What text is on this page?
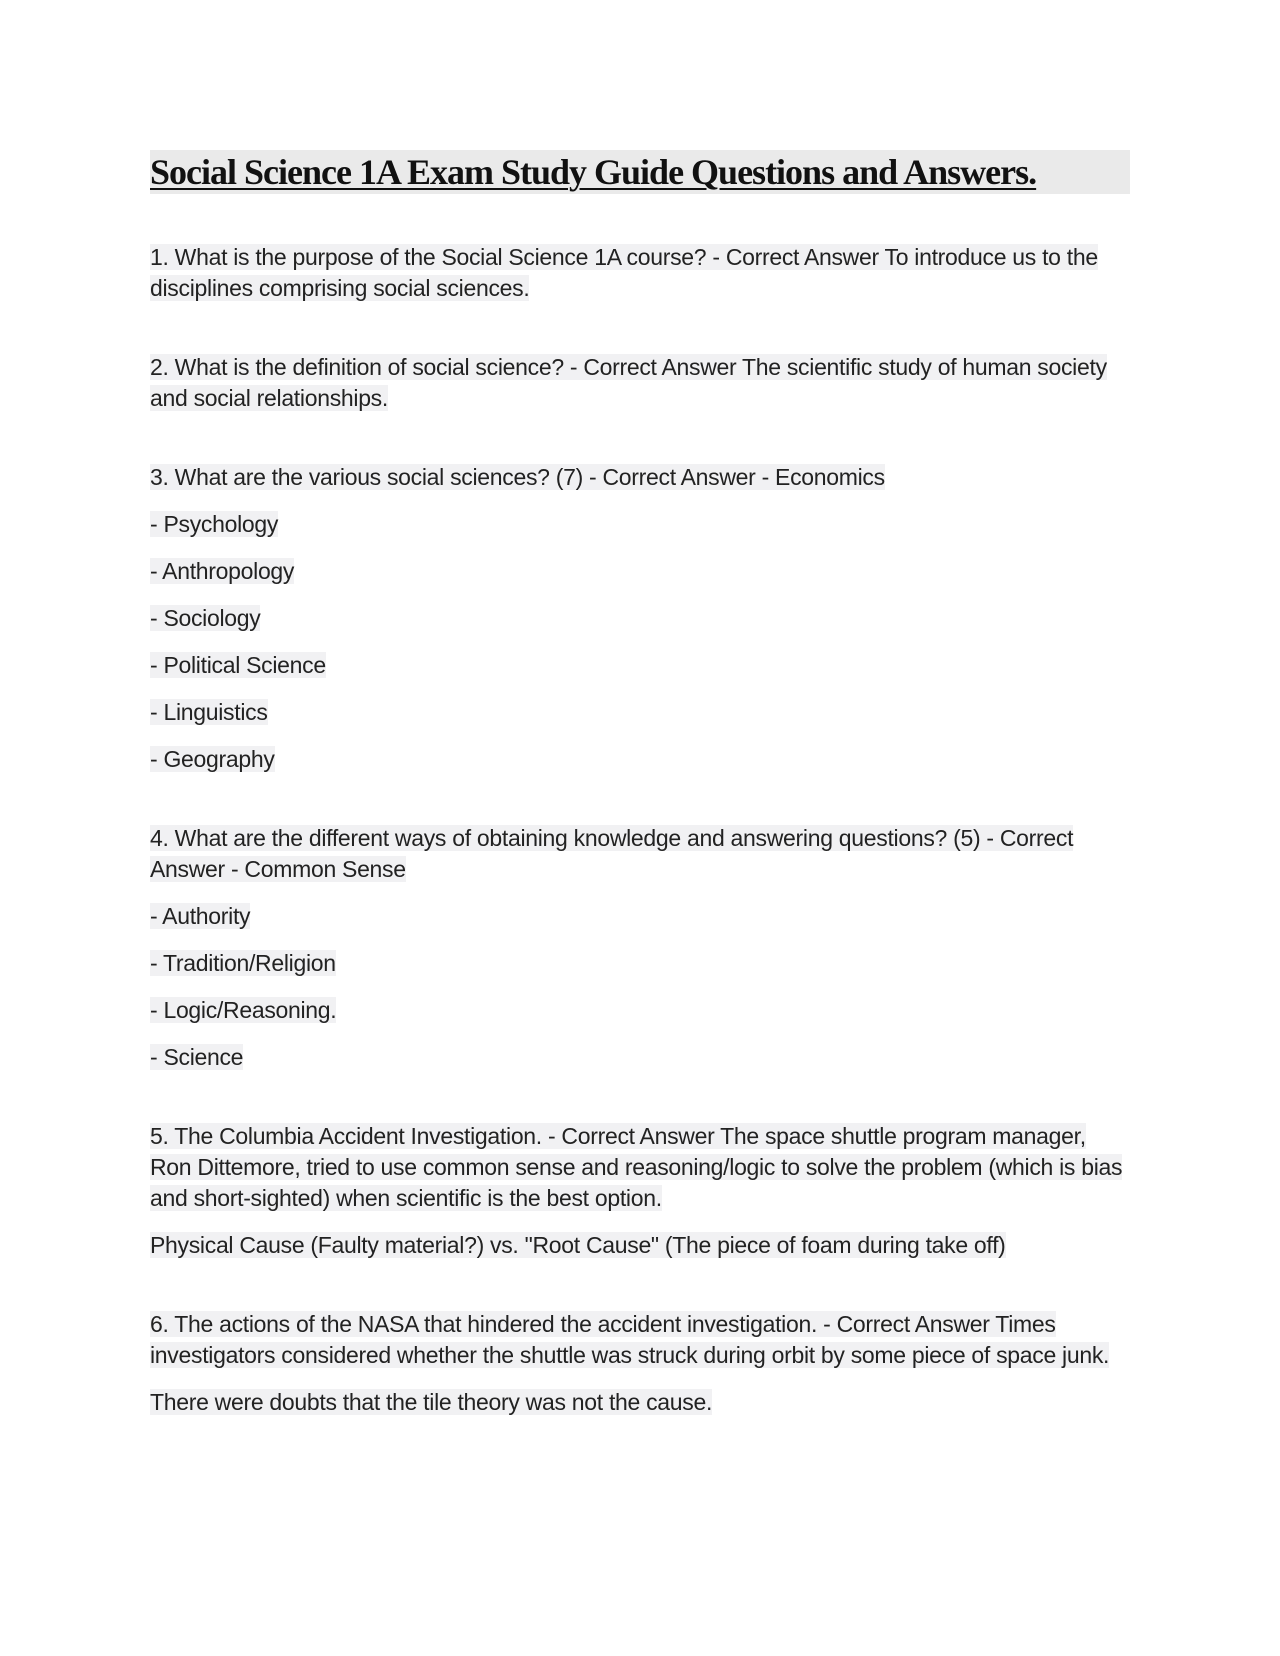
Social Science 1A Exam Study Guide Questions and Answers.

1. What is the purpose of the Social Science 1A course? - Correct Answer To introduce us to the disciplines comprising social sciences.

2. What is the definition of social science? - Correct Answer The scientific study of human society and social relationships.

3. What are the various social sciences? (7) - Correct Answer - Economics

- Psychology

- Anthropology

- Sociology

- Political Science

- Linguistics

- Geography

4. What are the different ways of obtaining knowledge and answering questions? (5) - Correct Answer - Common Sense

- Authority

- Tradition/Religion

- Logic/Reasoning.

- Science

5. The Columbia Accident Investigation. - Correct Answer The space shuttle program manager, Ron Dittemore, tried to use common sense and reasoning/logic to solve the problem (which is bias and short-sighted) when scientific is the best option.

Physical Cause (Faulty material?) vs. "Root Cause" (The piece of foam during take off)

6. The actions of the NASA that hindered the accident investigation. - Correct Answer Times investigators considered whether the shuttle was struck during orbit by some piece of space junk.

There were doubts that the tile theory was not the cause.
